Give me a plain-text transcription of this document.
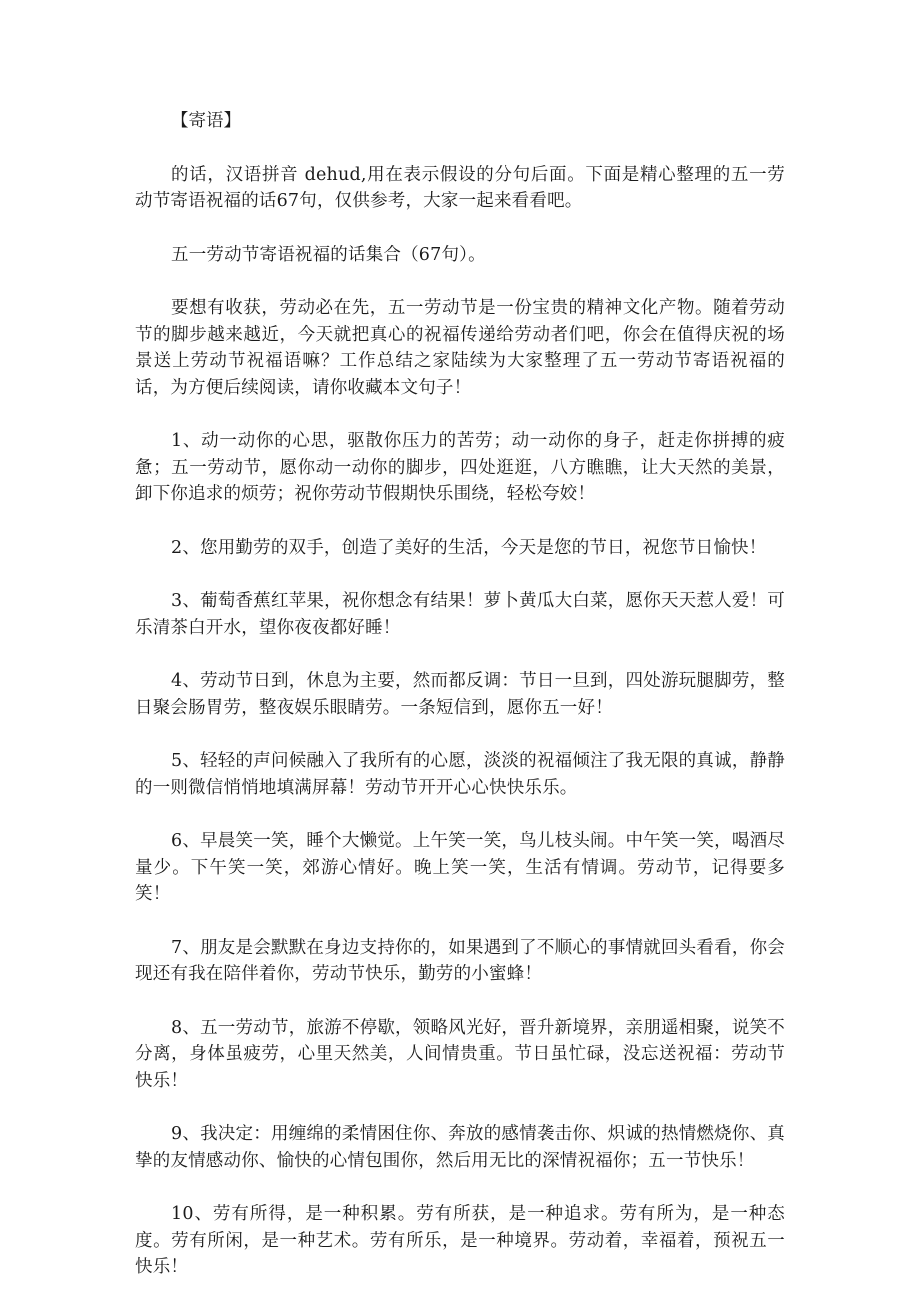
【寄语】

的话，汉语拼音 dehud,用在表示假设的分句后面。下面是精心整理的五一劳动节寄语祝福的话67句，仅供参考，大家一起来看看吧。

五一劳动节寄语祝福的话集合（67句）。

要想有收获，劳动必在先，五一劳动节是一份宝贵的精神文化产物。随着劳动节的脚步越来越近，今天就把真心的祝福传递给劳动者们吧，你会在值得庆祝的场景送上劳动节祝福语嘛？工作总结之家陆续为大家整理了五一劳动节寄语祝福的话，为方便后续阅读，请你收藏本文句子！

1、动一动你的心思，驱散你压力的苦劳；动一动你的身子，赶走你拼搏的疲惫；五一劳动节，愿你动一动你的脚步，四处逛逛，八方瞧瞧，让大天然的美景，卸下你追求的烦劳；祝你劳动节假期快乐围绕，轻松夸姣！

2、您用勤劳的双手，创造了美好的生活，今天是您的节日，祝您节日愉快！

3、葡萄香蕉红苹果，祝你想念有结果！萝卜黄瓜大白菜，愿你天天惹人爱！可乐清茶白开水，望你夜夜都好睡！

4、劳动节日到，休息为主要，然而都反调：节日一旦到，四处游玩腿脚劳，整日聚会肠胃劳，整夜娱乐眼睛劳。一条短信到，愿你五一好！

5、轻轻的声问候融入了我所有的心愿，淡淡的祝福倾注了我无限的真诚，静静的一则微信悄悄地填满屏幕！劳动节开开心心快快乐乐。

6、早晨笑一笑，睡个大懒觉。上午笑一笑，鸟儿枝头闹。中午笑一笑，喝酒尽量少。下午笑一笑，郊游心情好。晚上笑一笑，生活有情调。劳动节，记得要多笑！

7、朋友是会默默在身边支持你的，如果遇到了不顺心的事情就回头看看，你会现还有我在陪伴着你，劳动节快乐，勤劳的小蜜蜂！

8、五一劳动节，旅游不停歇，领略风光好，晋升新境界，亲朋遥相聚，说笑不分离，身体虽疲劳，心里天然美，人间情贵重。节日虽忙碌，没忘送祝福：劳动节快乐！

9、我决定：用缠绵的柔情困住你、奔放的感情袭击你、炽诚的热情燃烧你、真挚的友情感动你、愉快的心情包围你，然后用无比的深情祝福你；五一节快乐！

10、劳有所得，是一种积累。劳有所获，是一种追求。劳有所为，是一种态度。劳有所闲，是一种艺术。劳有所乐，是一种境界。劳动着，幸福着，预祝五一快乐！
